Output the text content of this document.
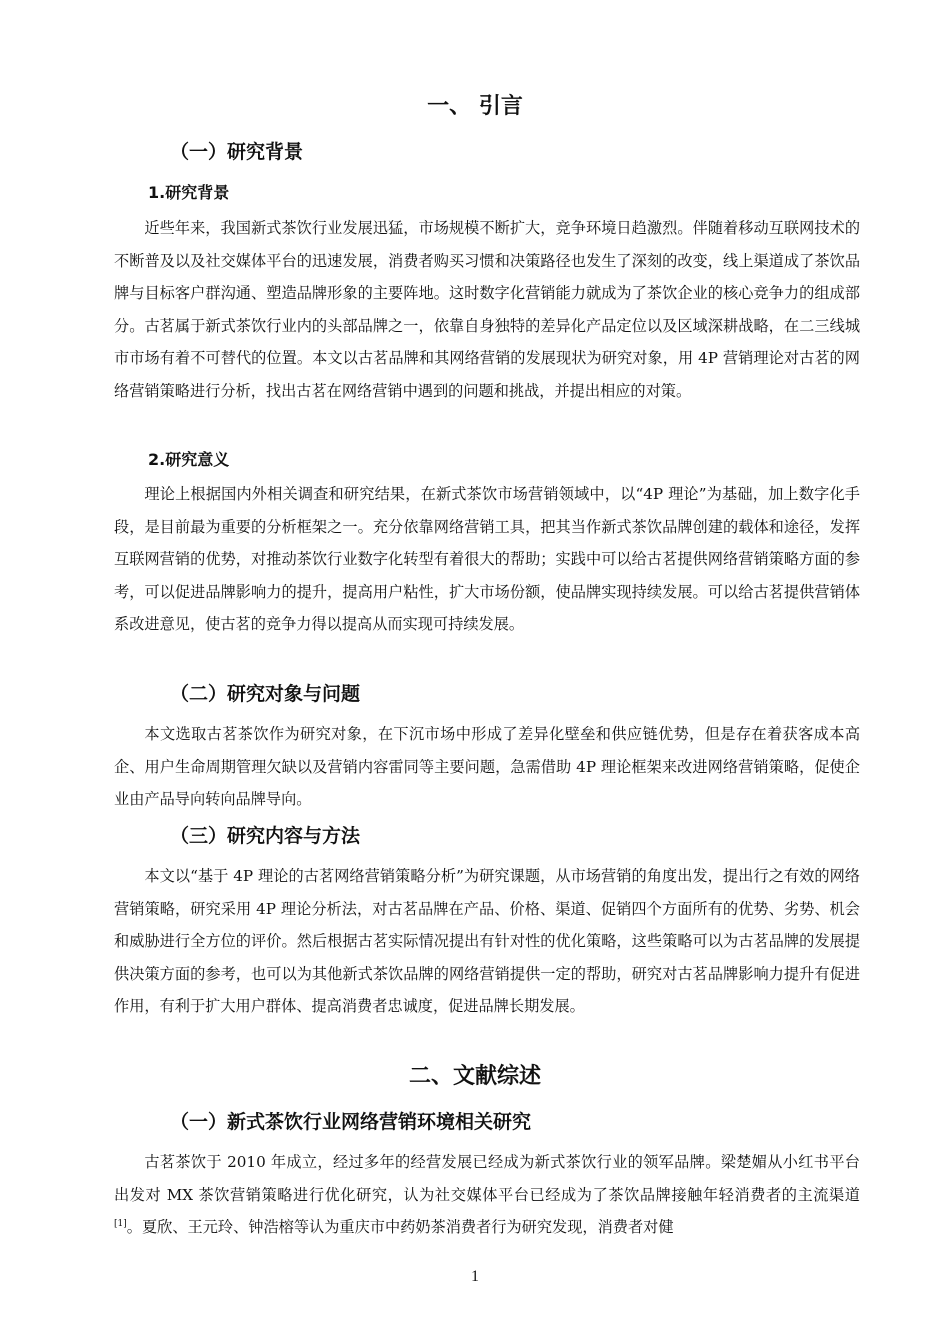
一、 引言
（一）研究背景
1.研究背景

近些年来，我国新式茶饮行业发展迅猛，市场规模不断扩大，竞争环境日趋激烈。伴随着移动互联网技术的不断普及以及社交媒体平台的迅速发展，消费者购买习惯和决策路径也发生了深刻的改变，线上渠道成了茶饮品牌与目标客户群沟通、塑造品牌形象的主要阵地。这时数字化营销能力就成为了茶饮企业的核心竞争力的组成部分。古茗属于新式茶饮行业内的头部品牌之一，依靠自身独特的差异化产品定位以及区域深耕战略，在二三线城市市场有着不可替代的位置。本文以古茗品牌和其网络营销的发展现状为研究对象，用 4P 营销理论对古茗的网络营销策略进行分析，找出古茗在网络营销中遇到的问题和挑战，并提出相应的对策。

2.研究意义

理论上根据国内外相关调查和研究结果，在新式茶饮市场营销领域中，以“4P 理论”为基础，加上数字化手段，是目前最为重要的分析框架之一。充分依靠网络营销工具，把其当作新式茶饮品牌创建的载体和途径，发挥互联网营销的优势，对推动茶饮行业数字化转型有着很大的帮助；实践中可以给古茗提供网络营销策略方面的参考，可以促进品牌影响力的提升，提高用户粘性，扩大市场份额，使品牌实现持续发展。可以给古茗提供营销体系改进意见，使古茗的竞争力得以提高从而实现可持续发展。

（二）研究对象与问题

本文选取古茗茶饮作为研究对象，在下沉市场中形成了差异化壁垒和供应链优势，但是存在着获客成本高企、用户生命周期管理欠缺以及营销内容雷同等主要问题，急需借助 4P 理论框架来改进网络营销策略，促使企业由产品导向转向品牌导向。

（三）研究内容与方法

本文以“基于 4P 理论的古茗网络营销策略分析”为研究课题，从市场营销的角度出发，提出行之有效的网络营销策略，研究采用 4P 理论分析法，对古茗品牌在产品、价格、渠道、促销四个方面所有的优势、劣势、机会和威胁进行全方位的评价。然后根据古茗实际情况提出有针对性的优化策略，这些策略可以为古茗品牌的发展提供决策方面的参考，也可以为其他新式茶饮品牌的网络营销提供一定的帮助，研究对古茗品牌影响力提升有促进作用，有利于扩大用户群体、提高消费者忠诚度，促进品牌长期发展。

二、文献综述
（一）新式茶饮行业网络营销环境相关研究

古茗茶饮于 2010 年成立，经过多年的经营发展已经成为新式茶饮行业的领军品牌。梁楚媚从小红书平台出发对 MX 茶饮营销策略进行优化研究，认为社交媒体平台已经成为了茶饮品牌接触年轻消费者的主流渠道[1]。夏欣、王元玲、钟浩榕等认为重庆市中药奶茶消费者行为研究发现，消费者对健

1
